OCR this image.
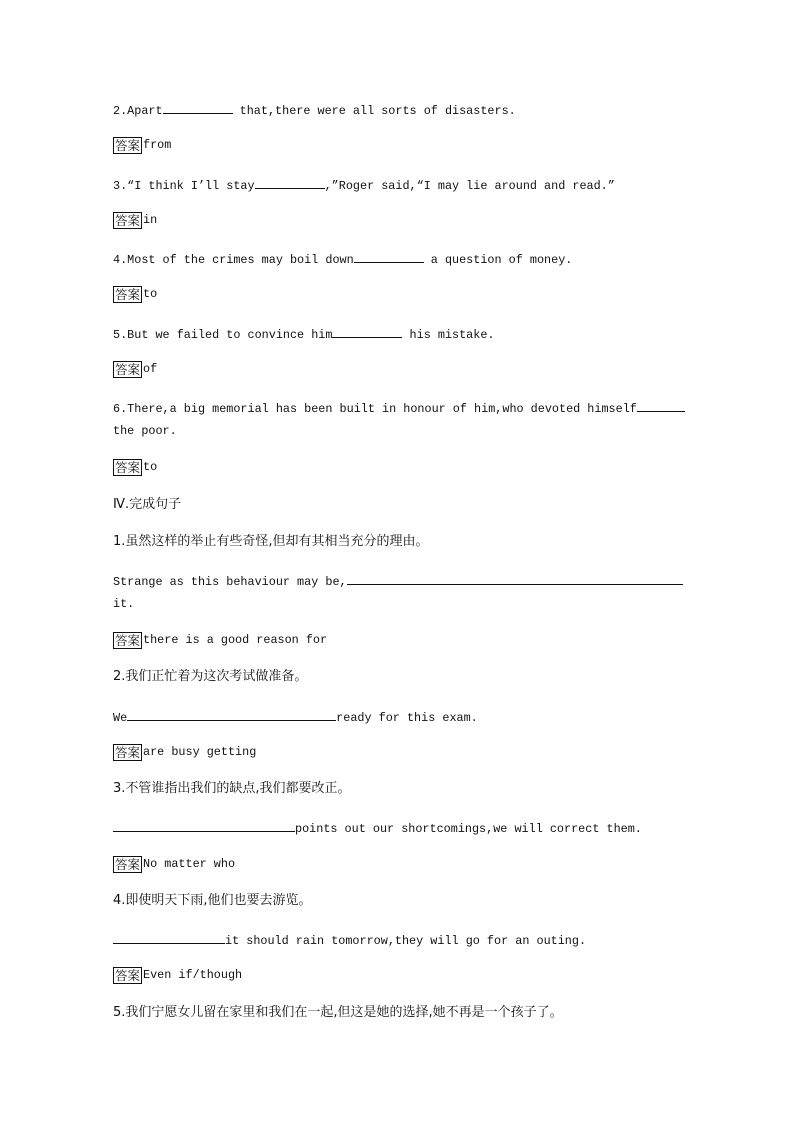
2.Apart	that,there were all sorts of disasters.
答案 from
3.“I think I’ll stay	,”Roger said,“I may lie around and read.”
答案 in
4.Most of the crimes may boil down	a question of money.
答案 to
5.But we failed to convince him	his mistake.
答案 of
6.There,a big memorial has been built in honour of him,who devoted himself
the poor.
答案 to
Ⅳ.完成句子
1.虽然这样的举止有些奇怪,但却有其相当充分的理由。
Strange as this behaviour may be,
it.
答案 there is a good reason for
2.我们正忙着为这次考试做准备。
We	ready for this exam.
答案 are busy getting
3.不管谁指出我们的缺点,我们都要改正。
points out our shortcomings,we will correct them.
答案 No matter who
4.即使明天下雨,他们也要去游览。
it should rain tomorrow,they will go for an outing.
答案 Even if/though
5.我们宁愿女儿留在家里和我们在一起,但这是她的选择,她不再是一个孩子了。
